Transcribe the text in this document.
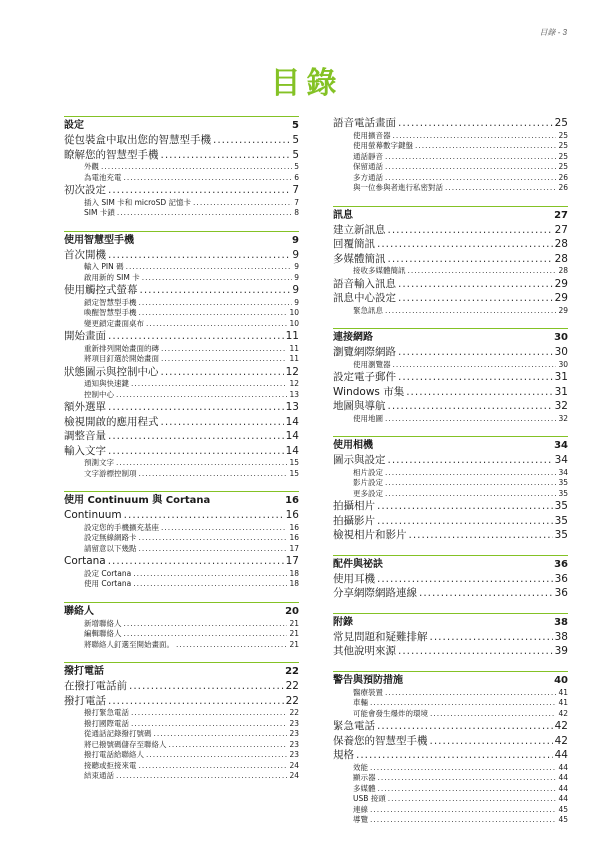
目錄 - 3
目錄
設定	5
從包裝盒中取出您的智慧型手機 .....	5
瞭解您的智慧型手機 .....	5
外觀 .....	5
為電池充電 .....	6
初次設定 .....	7
插入 SIM 卡和 microSD 記憶卡 .....	7
SIM 卡鎖 .....	8
使用智慧型手機	9
首次開機 .....	9
輸入 PIN 碼 .....	9
啟用新的 SIM 卡 .....	9
使用觸控式螢幕 .....	9
鎖定智慧型手機 .....	9
喚醒智慧型手機 .....	10
變更鎖定畫面桌布 .....	10
開始畫面 .....	11
重新排列開始畫面的磚 .....	11
將項目釘選於開始畫面 .....	11
狀態圖示與控制中心 .....	12
通知與快速鍵 .....	12
控制中心 .....	13
額外選單 .....	13
檢視開啟的應用程式 .....	14
調整音量 .....	14
輸入文字 .....	14
預測文字 .....	15
文字游標控制項 .....	15
使用 Continuum 與 Cortana	16
Continuum .....	16
設定您的手機擴充基座 .....	16
設定無線網路卡 .....	16
請留意以下幾點 .....	17
Cortana .....	17
設定 Cortana .....	18
使用 Cortana .....	18
聯絡人	20
新增聯絡人 .....	21
編輯聯絡人 .....	21
將聯絡人釘選至開始畫面。 .....	21
撥打電話	22
在撥打電話前 .....	22
撥打電話 .....	22
撥打緊急電話 .....	22
撥打國際電話 .....	23
從通話記錄撥打號碼 .....	23
將已撥號碼儲存至聯絡人 .....	23
撥打電話給聯絡人 .....	23
接聽或拒接來電 .....	24
結束通話 .....	24
語音電話畫面 .....	25
使用擴音器 .....	25
使用螢幕數字鍵盤 .....	25
通話靜音 .....	25
保留通話 .....	25
多方通話 .....	26
與一位參與者進行私密對話 .....	26
訊息	27
建立新訊息 .....	27
回覆簡訊 .....	28
多媒體簡訊 .....	28
接收多媒體簡訊 .....	28
語音輸入訊息 .....	29
訊息中心設定 .....	29
緊急訊息 .....	29
連接網路	30
瀏覽網際網路 .....	30
使用瀏覽器 .....	30
設定電子郵件 .....	31
Windows 市集 .....	31
地圖與導航 .....	32
使用地圖 .....	32
使用相機	34
圖示與設定 .....	34
相片設定 .....	34
影片設定 .....	35
更多設定 .....	35
拍攝相片 .....	35
拍攝影片 .....	35
檢視相片和影片 .....	35
配件與祕訣	36
使用耳機 .....	36
分享網際網路連線 .....	36
附錄	38
常見問題和疑難排解 .....	38
其他說明來源 .....	39
警告與預防措施	40
醫療裝置 .....	41
車輛 .....	41
可能會發生爆炸的環境 .....	42
緊急電話 .....	42
保養您的智慧型手機 .....	42
規格 .....	44
效能 .....	44
顯示器 .....	44
多媒體 .....	44
USB 接頭 .....	44
連線 .....	45
導覽 .....	45
